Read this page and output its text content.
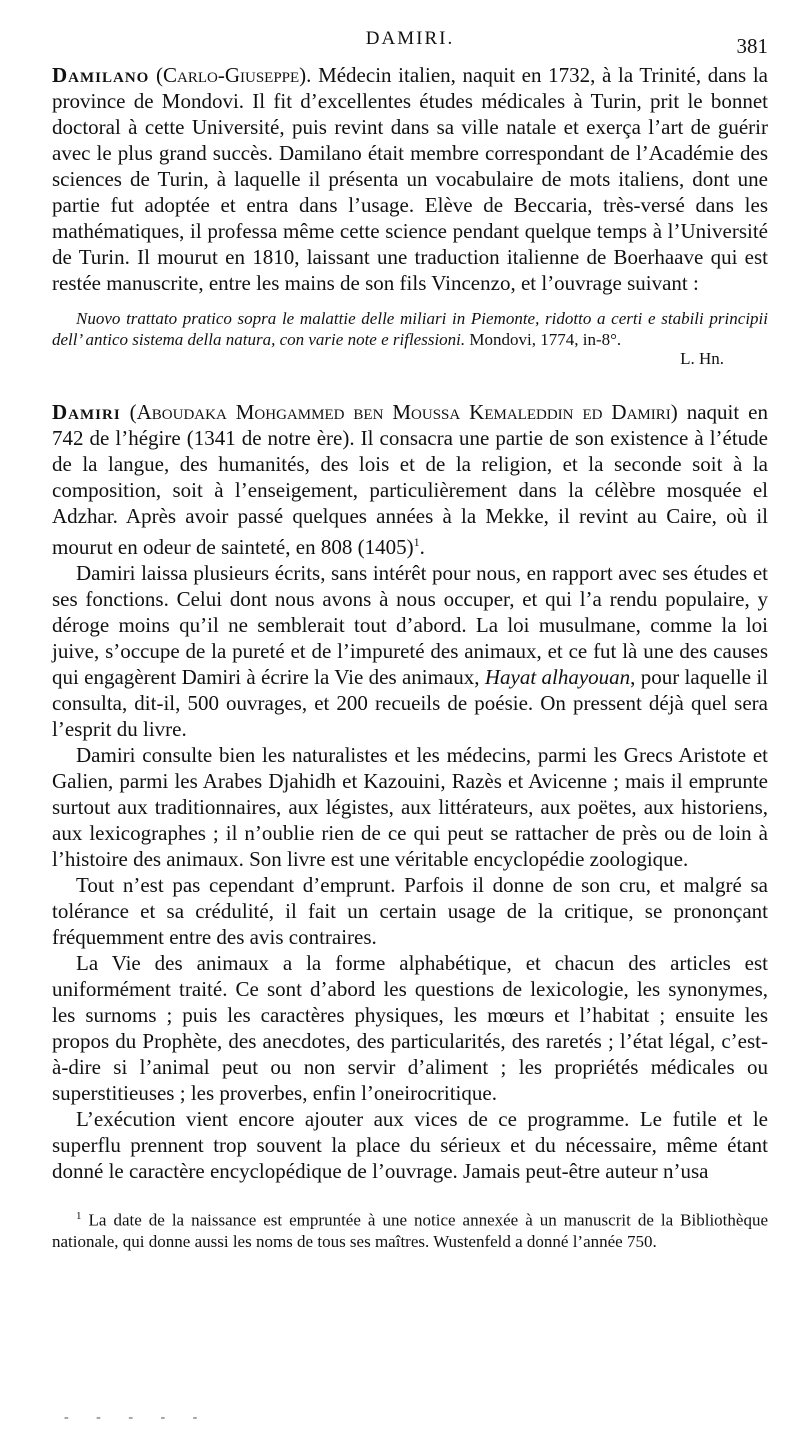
DAMIRI.	381

Damilano (Carlo-Giuseppe). Médecin italien, naquit en 1732, à la Trinité, dans la province de Mondovi. Il fit d’excellentes études médicales à Turin, prit le bonnet doctoral à cette Université, puis revint dans sa ville natale et exerça l’art de guérir avec le plus grand succès. Damilano était membre correspondant de l’Académie des sciences de Turin, à laquelle il présenta un vocabulaire de mots italiens, dont une partie fut adoptée et entra dans l’usage. Elève de Beccaria, très-versé dans les mathématiques, il professa même cette science pendant quelque temps à l’Université de Turin. Il mourut en 1810, laissant une traduction italienne de Boerhaave qui est restée manuscrite, entre les mains de son fils Vincenzo, et l’ouvrage suivant :

Nuovo trattato pratico sopra le malattie delle miliari in Piemonte, ridotto a certi e stabili principii dell’ antico sistema della natura, con varie note e riflessioni. Mondovi, 1774, in-8°.

L. Hn.

Damiri (Aboudaka Mohgammed ben Moussa Kemaleddin ed Damiri) naquit en 742 de l’hégire (1341 de notre ère). Il consacra une partie de son existence à l’étude de la langue, des humanités, des lois et de la religion, et la seconde soit à la composition, soit à l’enseigement, particulièrement dans la célèbre mosquée el Adzhar. Après avoir passé quelques années à la Mekke, il revint au Caire, où il mourut en odeur de sainteté, en 808 $(1405)^1$.

Damiri laissa plusieurs écrits, sans intérêt pour nous, en rapport avec ses études et ses fonctions. Celui dont nous avons à nous occuper, et qui l’a rendu populaire, y déroge moins qu’il ne semblerait tout d’abord. La loi musulmane, comme la loi juive, s’occupe de la pureté et de l’impureté des animaux, et ce fut là une des causes qui engagèrent Damiri à écrire la Vie des animaux, Hayat alhayouan, pour laquelle il consulta, dit-il, 500 ouvrages, et 200 recueils de poésie. On pressent déjà quel sera l’esprit du livre.

Damiri consulte bien les naturalistes et les médecins, parmi les Grecs Aristote et Galien, parmi les Arabes Djahidh et Kazouini, Razès et Avicenne ; mais il emprunte surtout aux traditionnaires, aux légistes, aux littérateurs, aux poëtes, aux historiens, aux lexicographes ; il n’oublie rien de ce qui peut se rattacher de près ou de loin à l’histoire des animaux. Son livre est une véritable encyclopédie zoologique.

Tout n’est pas cependant d’emprunt. Parfois il donne de son cru, et malgré sa tolérance et sa crédulité, il fait un certain usage de la critique, se prononçant fréquemment entre des avis contraires.

La Vie des animaux a la forme alphabétique, et chacun des articles est uniformément traité. Ce sont d’abord les questions de lexicologie, les synonymes, les surnoms ; puis les caractères physiques, les mœurs et l’habitat ; ensuite les propos du Prophète, des anecdotes, des particularités, des raretés ; l’état légal, c’est-à-dire si l’animal peut ou non servir d’aliment ; les propriétés médicales ou superstitieuses ; les proverbes, enfin l’oneirocritique.

L’exécution vient encore ajouter aux vices de ce programme. Le futile et le superflu prennent trop souvent la place du sérieux et du nécessaire, même étant donné le caractère encyclopédique de l’ouvrage. Jamais peut-être auteur n’usa

$^1$ La date de la naissance est empruntée à une notice annexée à un manuscrit de la Bibliothèque nationale, qui donne aussi les noms de tous ses maîtres. Wustenfeld a donné l’année 750.

- - - - -
